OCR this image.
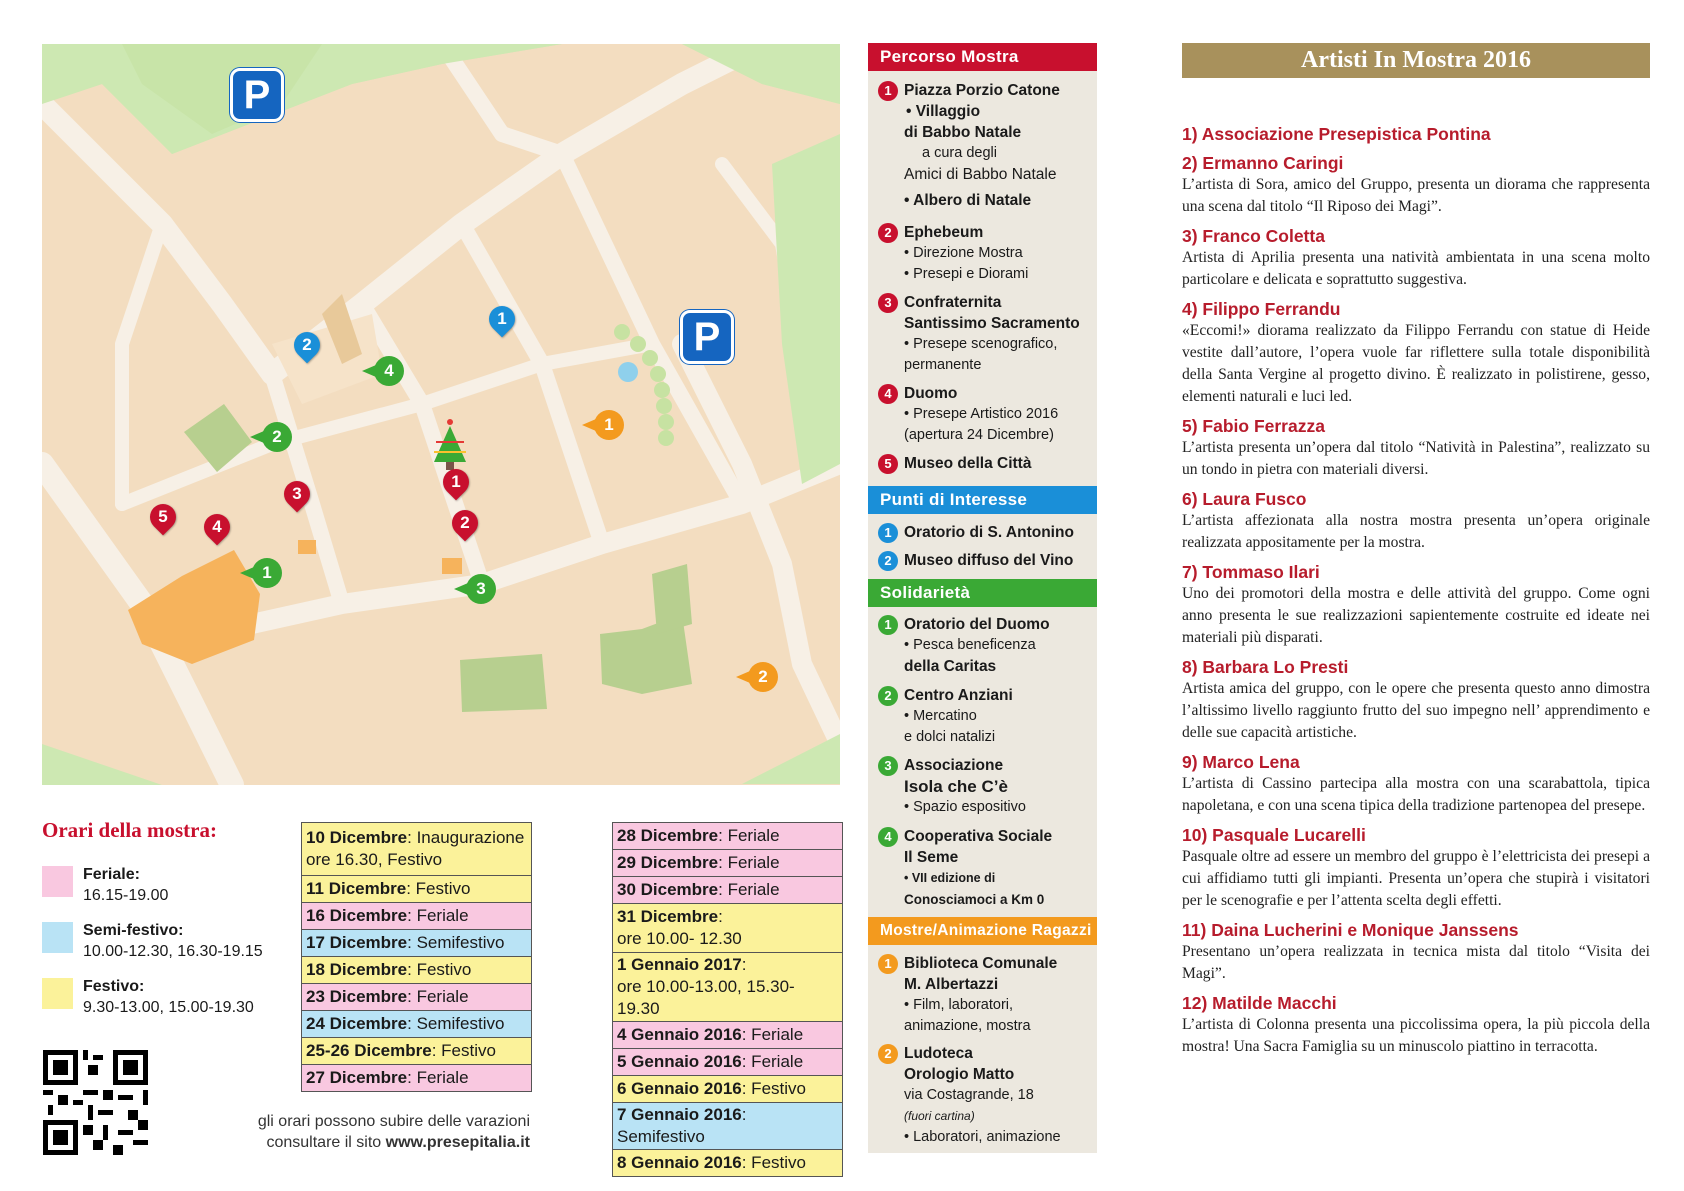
P
P
1
2
3
4
5
1
2
1
2
3
4
1
2
Percorso Mostra
1 Piazza Porzio Catone
• Villaggio
di Babbo Natale
a cura degli
Amici di Babbo Natale
• Albero di Natale
2 Ephebeum
• Direzione Mostra
• Presepi e Diorami
3 Confraternita
Santissimo Sacramento
• Presepe scenografico,
permanente
4 Duomo
• Presepe Artistico 2016
(apertura 24 Dicembre)
5 Museo della Città
Punti di Interesse
1 Oratorio di S. Antonino
2 Museo diffuso del Vino
Solidarietà
1 Oratorio del Duomo
• Pesca beneficenza
della Caritas
2 Centro Anziani
• Mercatino
e dolci natalizi
3 Associazione
Isola che C’è
• Spazio espositivo
4 Cooperativa Sociale
Il Seme
• VII edizione di
Conosciamoci a Km 0
Mostre/Animazione Ragazzi
1 Biblioteca Comunale
M. Albertazzi
• Film, laboratori,
animazione, mostra
2 Ludoteca
Orologio Matto
via Costagrande, 18
(fuori cartina)
• Laboratori, animazione
Orari della mostra:
Feriale:
16.15-19.00
Semi-festivo:
10.00-12.30, 16.30-19.15
Festivo:
9.30-13.00, 15.00-19.30
10 Dicembre: Inaugurazione
ore 16.30, Festivo
11 Dicembre: Festivo
16 Dicembre: Feriale
17 Dicembre: Semifestivo
18 Dicembre: Festivo
23 Dicembre: Feriale
24 Dicembre: Semifestivo
25-26 Dicembre: Festivo
27 Dicembre: Feriale
28 Dicembre: Feriale
29 Dicembre: Feriale
30 Dicembre: Feriale
31 Dicembre:
ore 10.00- 12.30
1 Gennaio 2017:
ore 10.00-13.00, 15.30- 19.30
4 Gennaio 2016: Feriale
5 Gennaio 2016: Feriale
6 Gennaio 2016: Festivo
7 Gennaio 2016: Semifestivo
8 Gennaio 2016: Festivo
gli orari possono subire delle varazioni
consultare il sito www.presepitalia.it
Artisti In Mostra 2016
1) Associazione Presepistica Pontina
2) Ermanno Caringi
L’artista di Sora, amico del Gruppo, presenta un diorama che rappresenta una scena dal titolo “Il Riposo dei Magi”.
3) Franco Coletta
Artista di Aprilia presenta una natività ambientata in una scena molto particolare e delicata e soprattutto suggestiva.
4) Filippo Ferrandu
«Eccomi!» diorama realizzato da Filippo Ferrandu con statue di Heide vestite dall’autore, l’opera vuole far riflettere sulla totale disponibilità della Santa Vergine al progetto divino. È realizzato in polistirene, gesso, elementi naturali e luci led.
5) Fabio Ferrazza
L’artista presenta un’opera dal titolo “Natività in Palestina”, realizzato su un tondo in pietra con materiali diversi.
6) Laura Fusco
L’artista affezionata alla nostra mostra presenta un’opera originale realizzata appositamente per la mostra.
7) Tommaso Ilari
Uno dei promotori della mostra e delle attività del gruppo. Come ogni anno presenta le sue realizzazioni sapientemente costruite ed ideate nei materiali più disparati.
8) Barbara Lo Presti
Artista amica del gruppo, con le opere che presenta questo anno dimostra l’altissimo livello raggiunto frutto del suo impegno nell’ apprendimento e delle sue capacità artistiche.
9) Marco Lena
L’artista di Cassino partecipa alla mostra con una scarabattola, tipica napoletana, e con una scena tipica della tradizione partenopea del presepe.
10) Pasquale Lucarelli
Pasquale oltre ad essere un membro del gruppo è l’elettricista dei presepi a cui affidiamo tutti gli impianti. Presenta un’opera che stupirà i visitatori per le scenografie e per l’attenta scelta degli effetti.
11) Daina Lucherini e Monique Janssens
Presentano un’opera realizzata in tecnica mista dal titolo “Visita dei Magi”.
12) Matilde Macchi
L’artista di Colonna presenta una piccolissima opera, la più piccola della mostra! Una Sacra Famiglia su un minuscolo piattino in terracotta.
